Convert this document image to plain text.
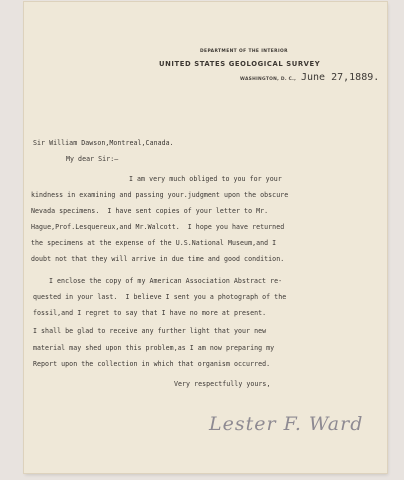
DEPARTMENT OF THE INTERIOR
UNITED STATES GEOLOGICAL SURVEY
WASHINGTON, D. C., June 27,1889.
Sir William Dawson,Montreal,Canada.
My dear Sir:—
I am very much obliged to you for your
kindness in examining and passing your.judgment upon the obscure
Nevada specimens.  I have sent copies of your letter to Mr.
Hague,Prof.Lesquereux,and Mr.Walcott.  I hope you have returned
the specimens at the expense of the U.S.National Museum,and I
doubt not that they will arrive in due time and good condition.
I enclose the copy of my American Association Abstract re-
quested in your last.  I believe I sent you a photograph of the
fossil,and I regret to say that I have no more at present.
I shall be glad to receive any further light that your new
material may shed upon this problem,as I am now preparing my
Report upon the collection in which that organism occurred.
Very respectfully yours,
Lester F. Ward
